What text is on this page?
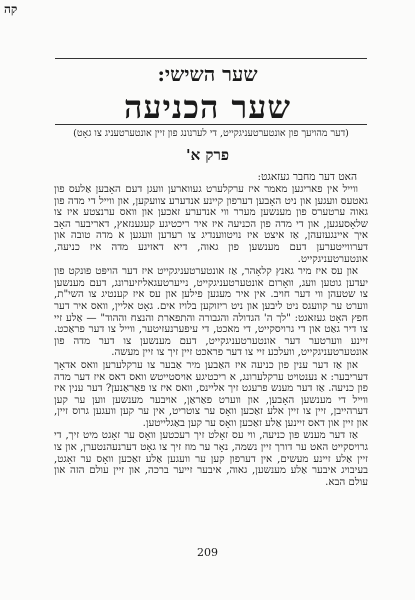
קה
שער השישי:
שער הכניעה
(דער מהויעך פון אונטערטעניגקייט, די לערנונג פון זיין אונטערטעניג צו גאָט)
פרק א'
האט דער מחבר געזאגט:

ווייל אין פאריגען מאמר איז ערקלערט געווארען וועגן דעם האָבען אַלעס פון גאטעס וועגען און ניט האָבען דערפון קיינע אנדערע צוועקען, און ווייל די מדה פון גאוה ערטערס פון מענשען מערר ווי אנדערע זאכען און וואס ערנצטע איז צו שלאָסעגען, און די מדה פון הכניעה איז איר ריכטיגע קעגענזאץ, דאריבער האָב איך איינגעזעהן, אַז איצט איז נויטווענדיג צו רעדען וועגען א מדה טובה און דערווייטערען דעם מענשען פון גאוה, דיא דאזיגע מדה איז כניעה, אונטערטעניגקייט.

און עס איז מיר גאנץ קלאָהר, אַז אונטערטעניגקייט איז דער הויפּט פונקט פון יעדען גוטען וועג, וואָרום אונטערטעניגקייט, נייערטעגאליזיערונג, דעם מענשען צו שטעהן ווי דער חויב. אין איר מעגען פילען און עס איז קענטיג צו השי"ת, ווערט ער קוועגס ניט ליבען און ניט ריזוקען בלויז אים. גאָט אליין, וואס איר דער חפץ האָט געזאגט: "לך ה' הגדולה והגבורה והתפארת והנצח וההוד" — אַלע זיי צו דיר גאַט און די גרויסקייט, די מאכט, די עיפערנעזיטער, ווייל צו דער פראַכט. זיינע ווערטער דער אונטערטעניגקייט, דעם מענשען צו דער מדה פון אונטערטעניגקייט, וועלכע זיי צו דער פראכט זיין זיך צו זיין מעשה.

און אַז דער ענין פון כניעה איז האַבען מיר אַבער צו ערקלערען וואס אדאָך דעריבער: א נענטויט ערקלערונג, א ריכטיגע אויסטייטש וואס דאס איז דער מדה פון כניעה. אַז דער מענש פרעגט זיך אליינס, וואס איז צו פאַראַנען? דער ענין איז ווייל די מענשען האָבען, און ווערט פאַראַן, אויבער מענשען ווען ער קען דערהייבן, זיין צו זיין אלע זאַכען וואָס ער צוטריט, אין ער קען וועגען גרוס זיין, און זיין און דאס זיינען אַלע זאַכען וואָס ער קען באַגלייטען.

אַז דער מענש פון כניעה, ווי עס זאָלט זיך רעכטען וואָס ער זאָגט מיט זיך, די גרויסקייט האט ער דורך זיין נשמה, נאָר ער מוז זיך צו גאָט דערנעהנטערן, און צו זיין אַלע זיינע מעשים, אין דערפון קען ער וועגען אַלע זאַכען וואָס ער זאָגט, בעיבויג איבער אַלע מענשען, גאוה, איבער זייער ברכה, און זיין עולם הזה און עולם הבא.

209
